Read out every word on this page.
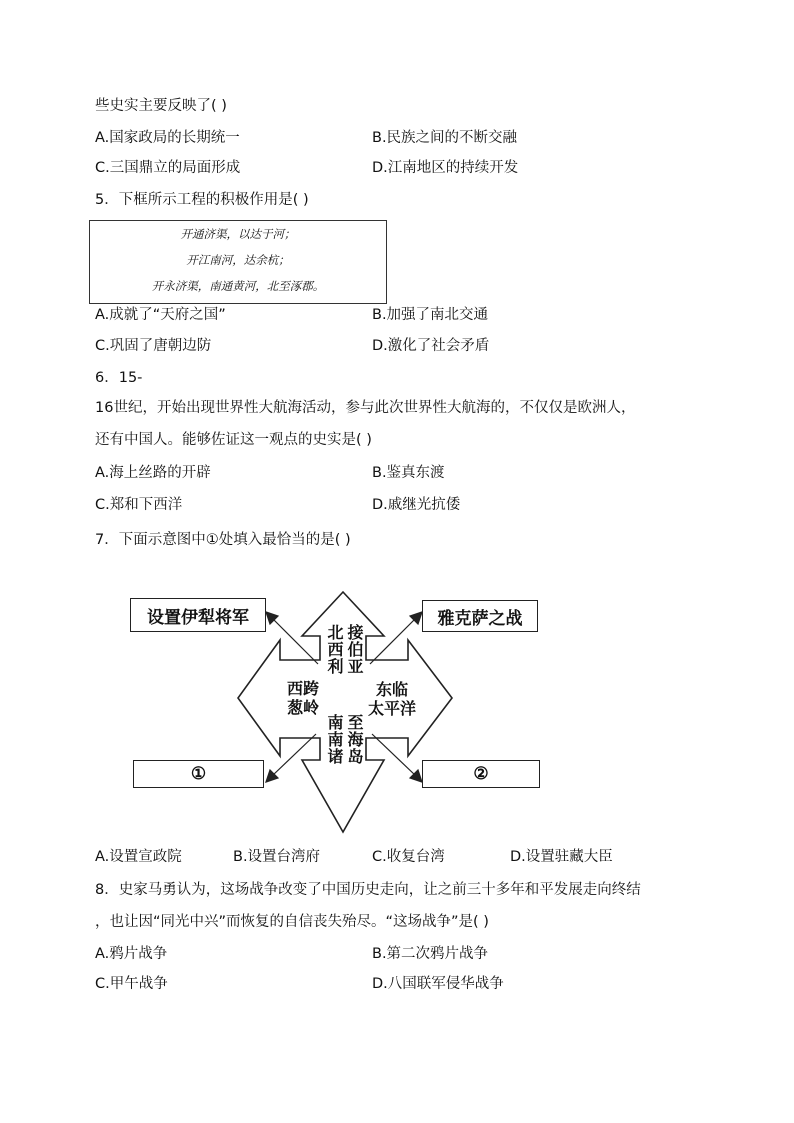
些史实主要反映了( )
A.国家政局的长期统一	B.民族之间的不断交融
C.三国鼎立的局面形成	D.江南地区的持续开发
5．下框所示工程的积极作用是( )
开通济渠，以达于河；
开江南河，达余杭；
开永济渠，南通黄河，北至涿郡。
A.成就了“天府之国”	B.加强了南北交通
C.巩固了唐朝边防	D.激化了社会矛盾
6．15-
16世纪，开始出现世界性大航海活动，参与此次世界性大航海的，不仅仅是欧洲人，
还有中国人。能够佐证这一观点的史实是( )
A.海上丝路的开辟	B.鉴真东渡
C.郑和下西洋	D.戚继光抗倭
7．下面示意图中①处填入最恰当的是( )
设置伊犁将军	雅克萨之战
①	②
北西利 接伯亚
西跨
葱岭
东临
太平洋
南南诸 至海岛
A.设置宣政院	B.设置台湾府	C.收复台湾	D.设置驻藏大臣
8．史家马勇认为，这场战争改变了中国历史走向，让之前三十多年和平发展走向终结
，也让因“同光中兴”而恢复的自信丧失殆尽。“这场战争”是( )
A.鸦片战争	B.第二次鸦片战争
C.甲午战争	D.八国联军侵华战争
